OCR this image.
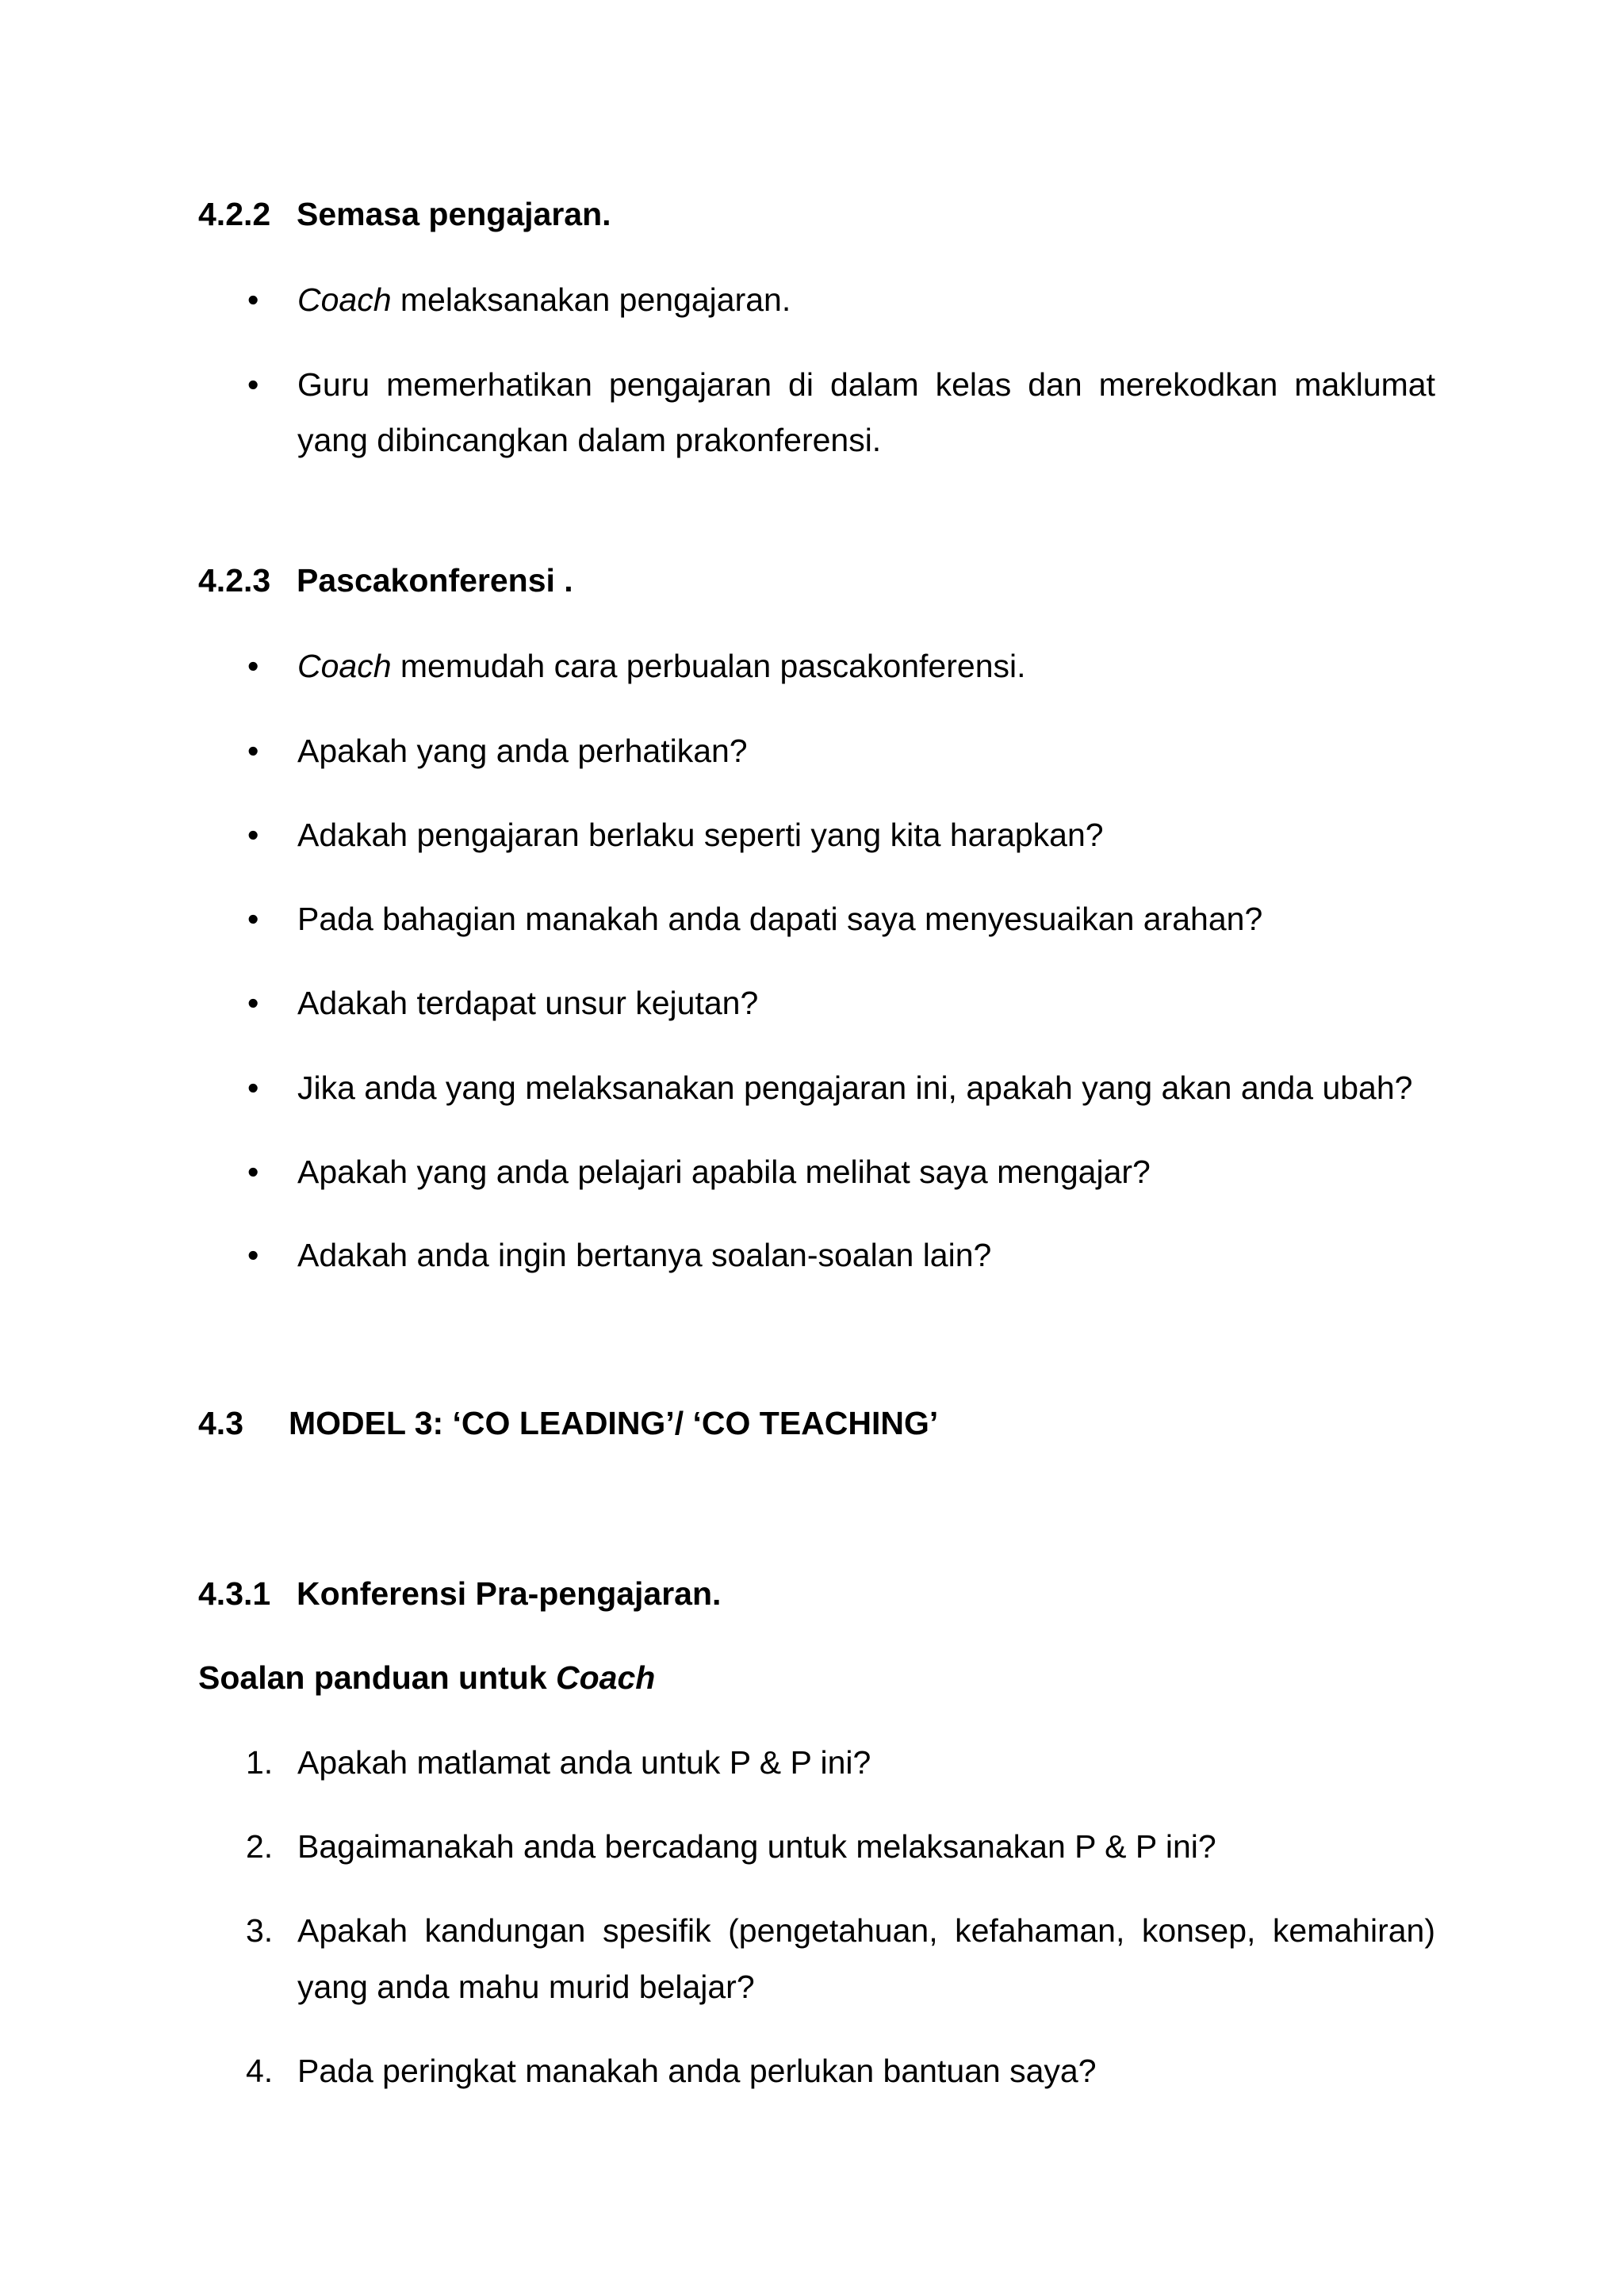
4.2.2 Semasa pengajaran.
• Coach melaksanakan pengajaran.
• Guru memerhatikan pengajaran di dalam kelas dan merekodkan maklumat
yang dibincangkan dalam prakonferensi.
4.2.3 Pascakonferensi .
• Coach memudah cara perbualan pascakonferensi.
• Apakah yang anda perhatikan?
• Adakah pengajaran berlaku seperti yang kita harapkan?
• Pada bahagian manakah anda dapati saya menyesuaikan arahan?
• Adakah terdapat unsur kejutan?
• Jika anda yang melaksanakan pengajaran ini, apakah yang akan anda ubah?
• Apakah yang anda pelajari apabila melihat saya mengajar?
• Adakah anda ingin bertanya soalan-soalan lain?
4.3 MODEL 3: ‘CO LEADING’/ ‘CO TEACHING’
4.3.1 Konferensi Pra-pengajaran.
Soalan panduan untuk Coach
1. Apakah matlamat anda untuk P & P ini?
2. Bagaimanakah anda bercadang untuk melaksanakan P & P ini?
3. Apakah kandungan spesifik (pengetahuan, kefahaman, konsep, kemahiran)
yang anda mahu murid belajar?
4. Pada peringkat manakah anda perlukan bantuan saya?
